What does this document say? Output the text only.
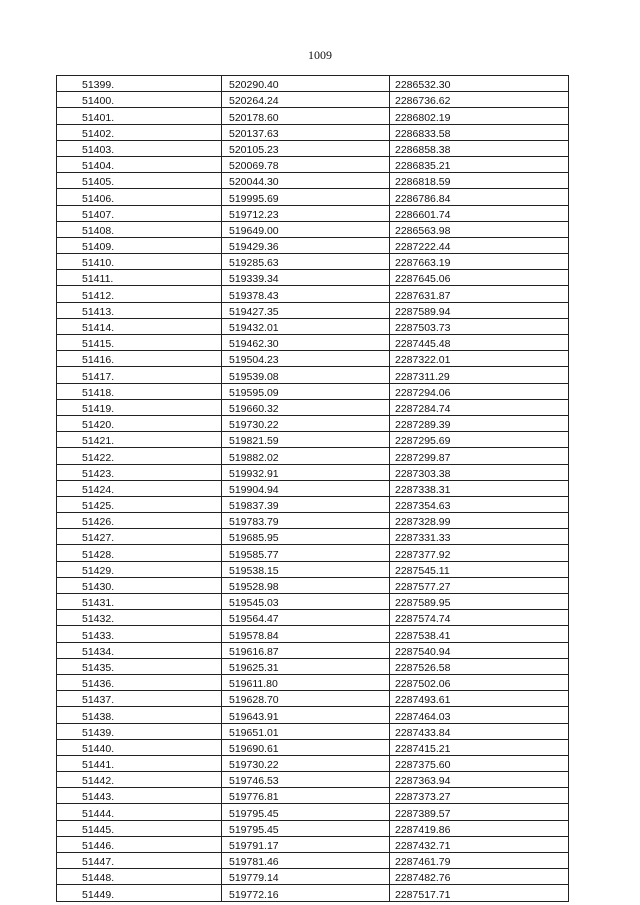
1009
51399.	520290.40	2286532.30
51400.	520264.24	2286736.62
51401.	520178.60	2286802.19
51402.	520137.63	2286833.58
51403.	520105.23	2286858.38
51404.	520069.78	2286835.21
51405.	520044.30	2286818.59
51406.	519995.69	2286786.84
51407.	519712.23	2286601.74
51408.	519649.00	2286563.98
51409.	519429.36	2287222.44
51410.	519285.63	2287663.19
51411.	519339.34	2287645.06
51412.	519378.43	2287631.87
51413.	519427.35	2287589.94
51414.	519432.01	2287503.73
51415.	519462.30	2287445.48
51416.	519504.23	2287322.01
51417.	519539.08	2287311.29
51418.	519595.09	2287294.06
51419.	519660.32	2287284.74
51420.	519730.22	2287289.39
51421.	519821.59	2287295.69
51422.	519882.02	2287299.87
51423.	519932.91	2287303.38
51424.	519904.94	2287338.31
51425.	519837.39	2287354.63
51426.	519783.79	2287328.99
51427.	519685.95	2287331.33
51428.	519585.77	2287377.92
51429.	519538.15	2287545.11
51430.	519528.98	2287577.27
51431.	519545.03	2287589.95
51432.	519564.47	2287574.74
51433.	519578.84	2287538.41
51434.	519616.87	2287540.94
51435.	519625.31	2287526.58
51436.	519611.80	2287502.06
51437.	519628.70	2287493.61
51438.	519643.91	2287464.03
51439.	519651.01	2287433.84
51440.	519690.61	2287415.21
51441.	519730.22	2287375.60
51442.	519746.53	2287363.94
51443.	519776.81	2287373.27
51444.	519795.45	2287389.57
51445.	519795.45	2287419.86
51446.	519791.17	2287432.71
51447.	519781.46	2287461.79
51448.	519779.14	2287482.76
51449.	519772.16	2287517.71
